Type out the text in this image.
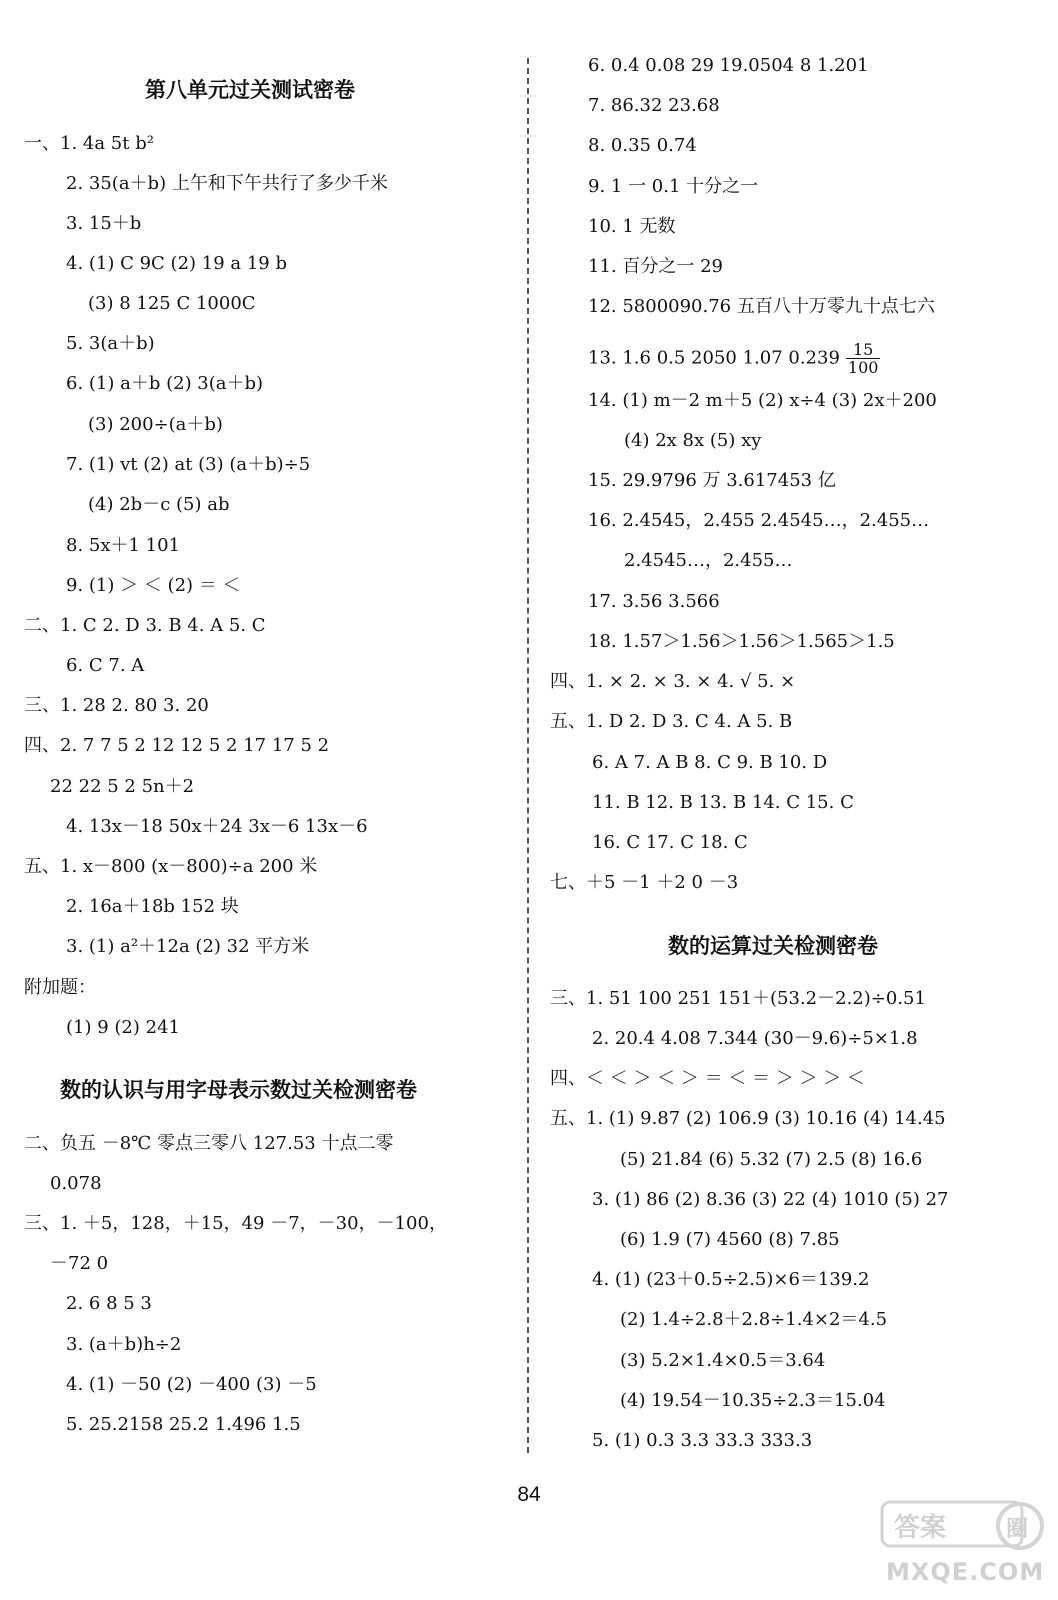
第八单元过关测试密卷
一、1. 4a 5t b²
2. 35(a＋b) 上午和下午共行了多少千米
3. 15＋b
4. (1) C 9C (2) 19 a 19 b
(3) 8 125 C 1000C
5. 3(a＋b)
6. (1) a＋b (2) 3(a＋b)
(3) 200÷(a＋b)
7. (1) vt (2) at (3) (a＋b)÷5
(4) 2b－c (5) ab
8. 5x＋1 101
9. (1) ＞ ＜ (2) ＝ ＜
二、1. C 2. D 3. B 4. A 5. C
6. C 7. A
三、1. 28 2. 80 3. 20
四、2. 7 7 5 2 12 12 5 2 17 17 5 2
22 22 5 2 5n＋2
4. 13x－18 50x＋24 3x－6 13x－6
五、1. x－800 (x－800)÷a 200 米
2. 16a＋18b 152 块
3. (1) a²＋12a (2) 32 平方米
附加题：
(1) 9 (2) 241
数的认识与用字母表示数过关检测密卷
二、负五 －8℃ 零点三零八 127.53 十点二零
0.078
三、1. ＋5，128，＋15，49 －7，－30，－100，
－72 0
2. 6 8 5 3
3. (a＋b)h÷2
4. (1) －50 (2) －400 (3) －5
5. 25.2158 25.2 1.496 1.5
6. 0.4 0.08 29 19.0504 8 1.201
7. 86.32 23.68
8. 0.35 0.74
9. 1 一 0.1 十分之一
10. 1 无数
11. 百分之一 29
12. 5800090.76 五百八十万零九十点七六
13. 1.6 0.5 2050 1.07 $0.239 \frac{15}{100}$
14. (1) m－2 m＋5 (2) x÷4 (3) 2x＋200
(4) 2x 8x (5) xy
15. 29.9796 万 3.617453 亿
16. 2.4545，2.455 2.4545…，2.455…
2.4545…，2.455…
17. 3.56 3.566
18. 1.57＞1.56＞1.56＞1.565＞1.5
四、1. × 2. × 3. × 4. √ 5. ×
五、1. D 2. D 3. C 4. A 5. B
6. A 7. A B 8. C 9. B 10. D
11. B 12. B 13. B 14. C 15. C
16. C 17. C 18. C
七、＋5 －1 ＋2 0 －3
数的运算过关检测密卷
三、1. 51 100 251 151＋(53.2－2.2)÷0.51
2. 20.4 4.08 7.344 (30－9.6)÷5×1.8
四、＜ ＜ ＞ ＜ ＞ ＝ ＜ ＝ ＞ ＞ ＞ ＜
五、1. (1) 9.87 (2) 106.9 (3) 10.16 (4) 14.45
(5) 21.84 (6) 5.32 (7) 2.5 (8) 16.6
3. (1) 86 (2) 8.36 (3) 22 (4) 1010 (5) 27
(6) 1.9 (7) 4560 (8) 7.85
4. (1) (23＋0.5÷2.5)×6＝139.2
(2) 1.4÷2.8＋2.8÷1.4×2＝4.5
(3) 5.2×1.4×0.5＝3.64
(4) 19.54－10.35÷2.3＝15.04
5. (1) 0.3 3.3 33.3 333.3
84
答案	圈
MXQE.COM
